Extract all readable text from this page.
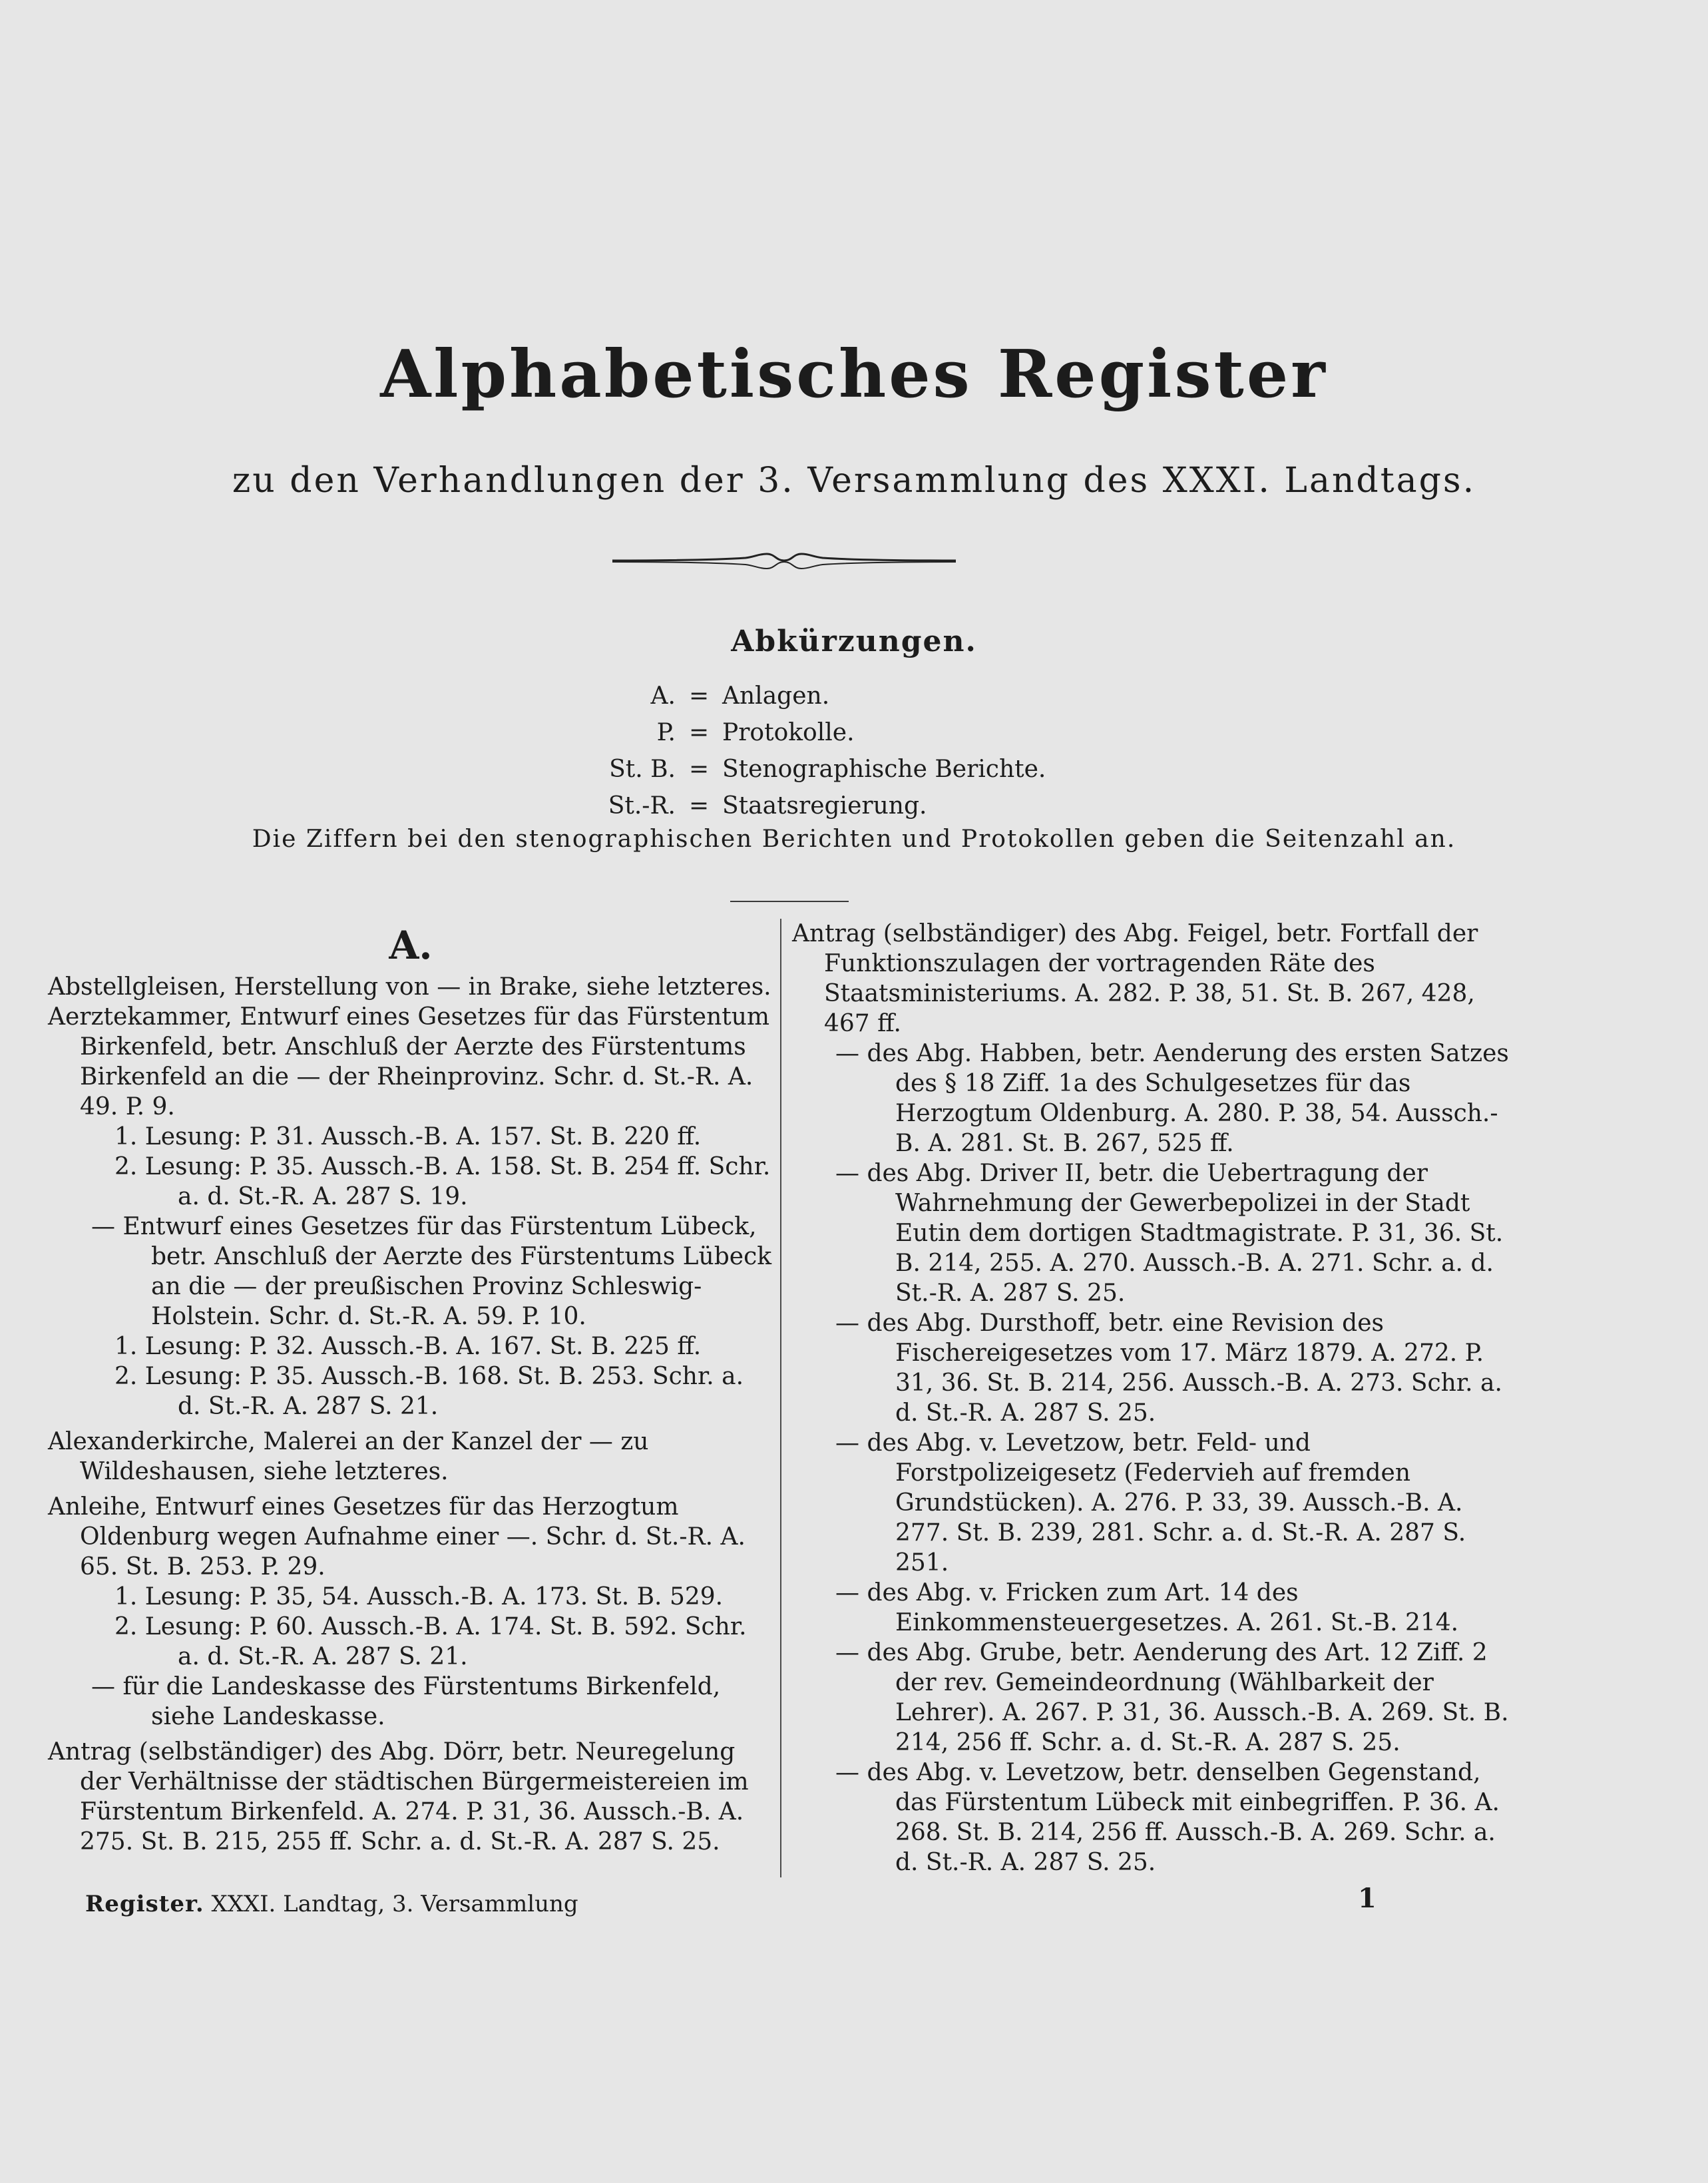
Alphabetisches Register
zu den Verhandlungen der 3. Versammlung des XXXI. Landtags.
Abkürzungen.
A. = Anlagen.
P. = Protokolle.
St. B. = Stenographische Berichte.
St.-R. = Staatsregierung.
Die Ziffern bei den stenographischen Berichten und Protokollen geben die Seitenzahl an.
A.
Abstellgleisen, Herstellung von — in Brake, siehe letzteres.
Aerztekammer, Entwurf eines Gesetzes für das Fürstentum Birkenfeld, betr. Anschluß der Aerzte des Fürstentums Birkenfeld an die — der Rheinprovinz. Schr. d. St.-R. A. 49. P. 9.
1. Lesung: P. 31. Aussch.-B. A. 157. St. B. 220 ff.
2. Lesung: P. 35. Aussch.-B. A. 158. St. B. 254 ff. Schr. a. d. St.-R. A. 287 S. 19.
— Entwurf eines Gesetzes für das Fürstentum Lübeck, betr. Anschluß der Aerzte des Fürstentums Lübeck an die — der preußischen Provinz Schleswig-Holstein. Schr. d. St.-R. A. 59. P. 10.
1. Lesung: P. 32. Aussch.-B. A. 167. St. B. 225 ff.
2. Lesung: P. 35. Aussch.-B. 168. St. B. 253. Schr. a. d. St.-R. A. 287 S. 21.
Alexanderkirche, Malerei an der Kanzel der — zu Wildeshausen, siehe letzteres.
Anleihe, Entwurf eines Gesetzes für das Herzogtum Oldenburg wegen Aufnahme einer —. Schr. d. St.-R. A. 65. St. B. 253. P. 29.
1. Lesung: P. 35, 54. Aussch.-B. A. 173. St. B. 529.
2. Lesung: P. 60. Aussch.-B. A. 174. St. B. 592. Schr. a. d. St.-R. A. 287 S. 21.
— für die Landeskasse des Fürstentums Birkenfeld, siehe Landeskasse.
Antrag (selbständiger) des Abg. Dörr, betr. Neuregelung der Verhältnisse der städtischen Bürgermeistereien im Fürstentum Birkenfeld. A. 274. P. 31, 36. Aussch.-B. A. 275. St. B. 215, 255 ff. Schr. a. d. St.-R. A. 287 S. 25.
Antrag (selbständiger) des Abg. Feigel, betr. Fortfall der Funktionszulagen der vortragenden Räte des Staatsministeriums. A. 282. P. 38, 51. St. B. 267, 428, 467 ff.
— des Abg. Habben, betr. Aenderung des ersten Satzes des § 18 Ziff. 1a des Schulgesetzes für das Herzogtum Oldenburg. A. 280. P. 38, 54. Aussch.-B. A. 281. St. B. 267, 525 ff.
— des Abg. Driver II, betr. die Uebertragung der Wahrnehmung der Gewerbepolizei in der Stadt Eutin dem dortigen Stadtmagistrate. P. 31, 36. St. B. 214, 255. A. 270. Aussch.-B. A. 271. Schr. a. d. St.-R. A. 287 S. 25.
— des Abg. Dursthoff, betr. eine Revision des Fischereigesetzes vom 17. März 1879. A. 272. P. 31, 36. St. B. 214, 256. Aussch.-B. A. 273. Schr. a. d. St.-R. A. 287 S. 25.
— des Abg. v. Levetzow, betr. Feld- und Forstpolizeigesetz (Federvieh auf fremden Grundstücken). A. 276. P. 33, 39. Aussch.-B. A. 277. St. B. 239, 281. Schr. a. d. St.-R. A. 287 S. 251.
— des Abg. v. Fricken zum Art. 14 des Einkommensteuergesetzes. A. 261. St.-B. 214.
— des Abg. Grube, betr. Aenderung des Art. 12 Ziff. 2 der rev. Gemeindeordnung (Wählbarkeit der Lehrer). A. 267. P. 31, 36. Aussch.-B. A. 269. St. B. 214, 256 ff. Schr. a. d. St.-R. A. 287 S. 25.
— des Abg. v. Levetzow, betr. denselben Gegenstand, das Fürstentum Lübeck mit einbegriffen. P. 36. A. 268. St. B. 214, 256 ff. Aussch.-B. A. 269. Schr. a. d. St.-R. A. 287 S. 25.
Register. XXXI. Landtag, 3. Versammlung	1
